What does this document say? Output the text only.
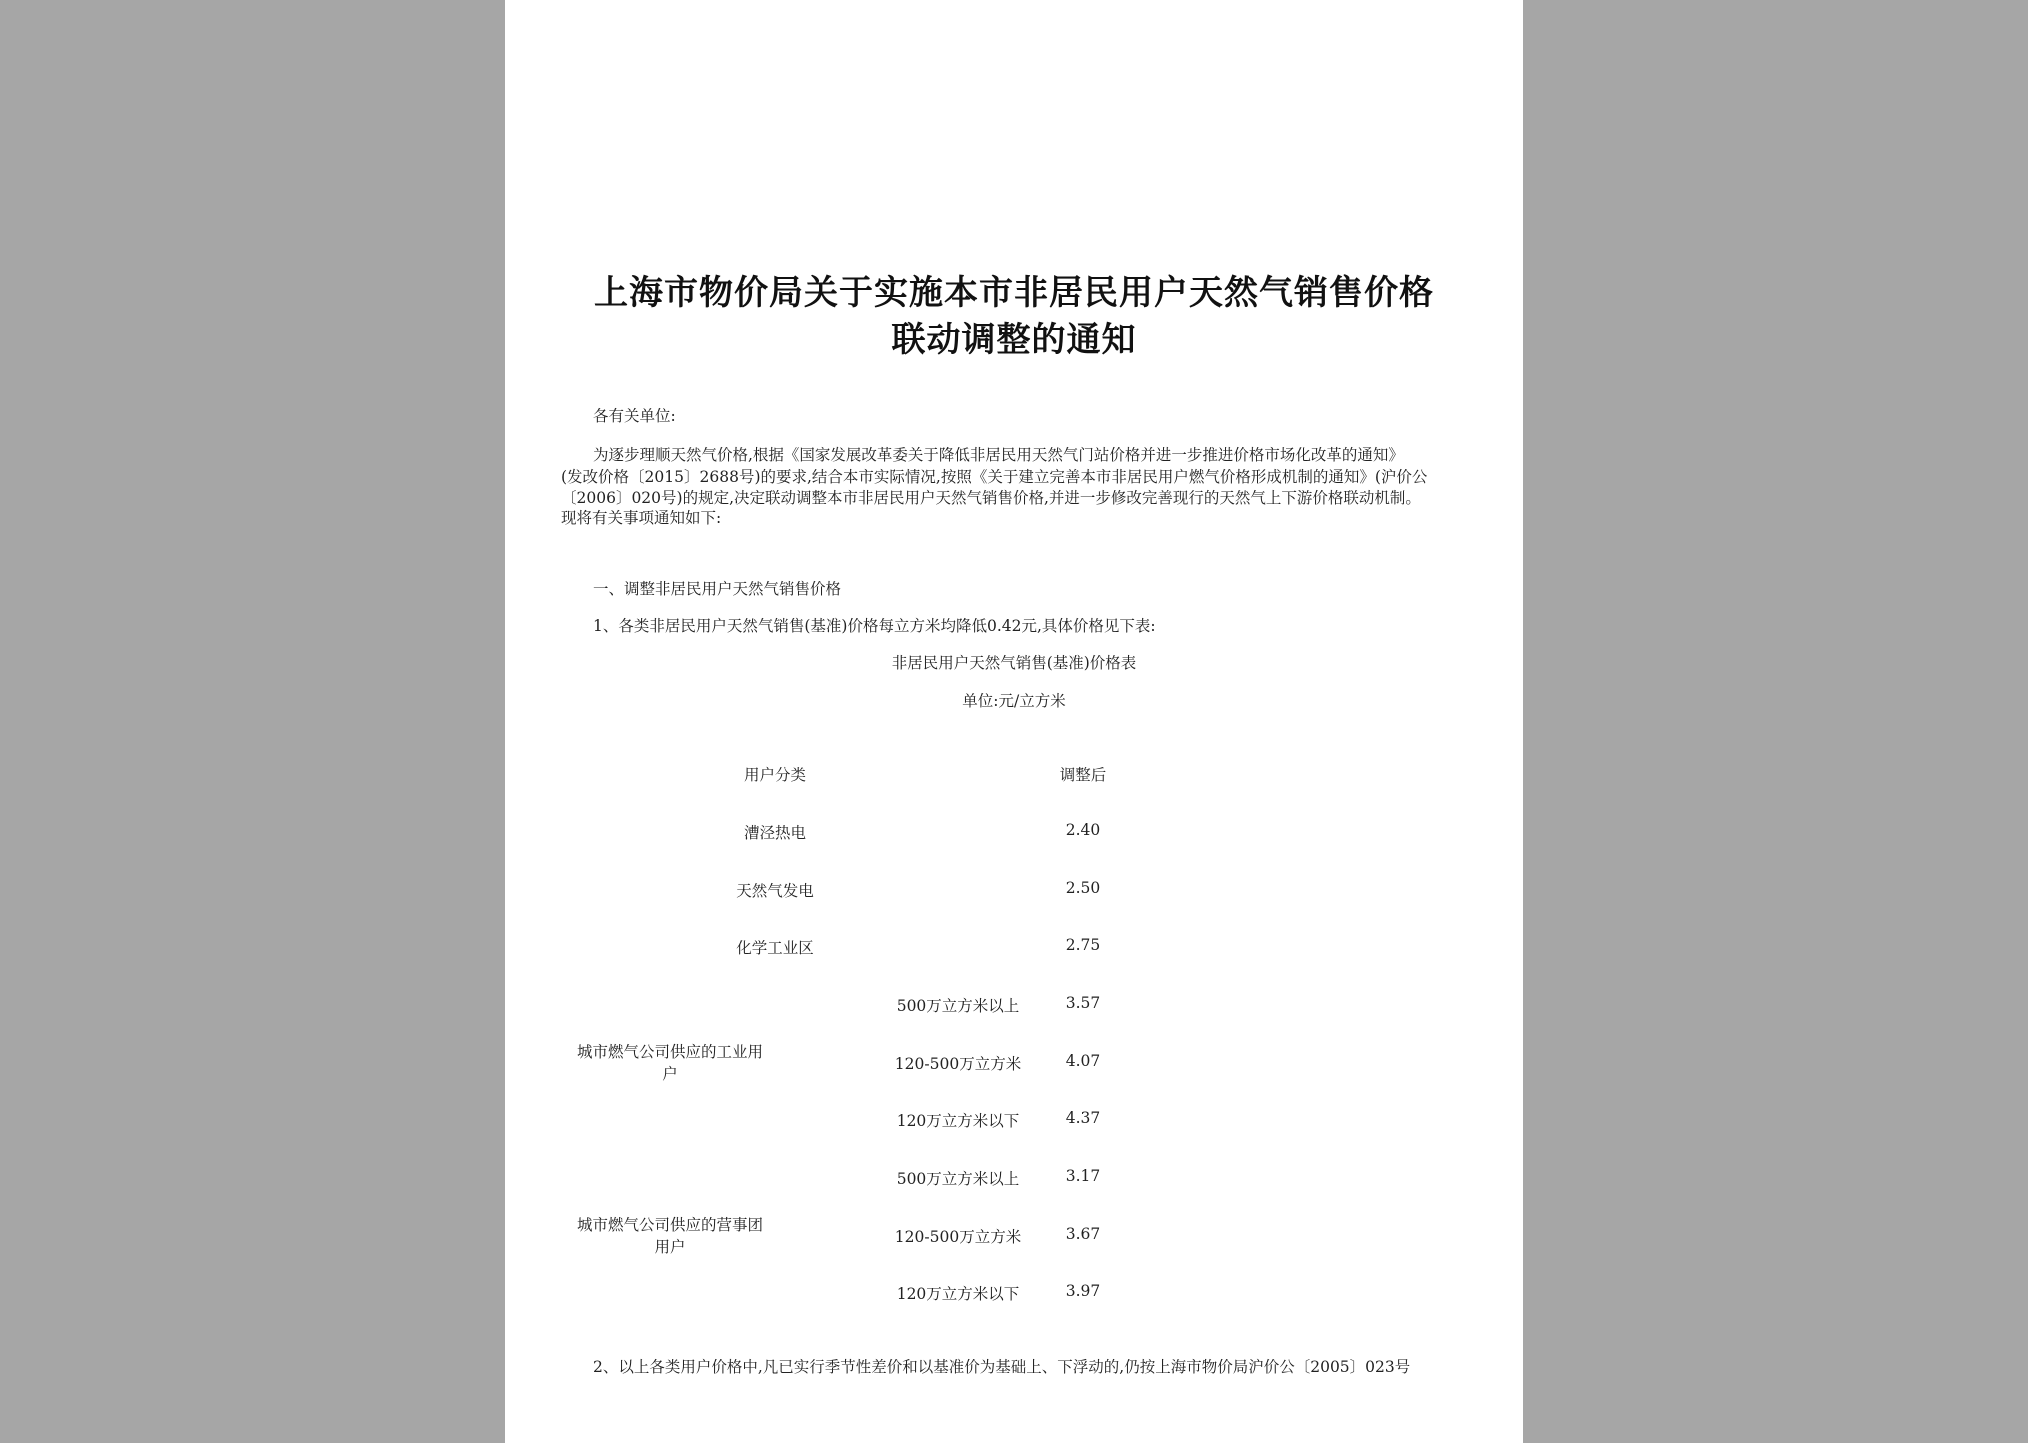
上海市物价局关于实施本市非居民用户天然气销售价格
联动调整的通知
各有关单位:
为逐步理顺天然气价格,根据《国家发展改革委关于降低非居民用天然气门站价格并进一步推进价格市场化改革的通知》
(发改价格〔2015〕2688号)的要求,结合本市实际情况,按照《关于建立完善本市非居民用户燃气价格形成机制的通知》(沪价公
〔2006〕020号)的规定,决定联动调整本市非居民用户天然气销售价格,并进一步修改完善现行的天然气上下游价格联动机制。
现将有关事项通知如下:
一、调整非居民用户天然气销售价格
1、各类非居民用户天然气销售(基准)价格每立方米均降低0.42元,具体价格见下表:
非居民用户天然气销售(基准)价格表
单位:元/立方米
用户分类	调整后
漕泾热电	2.40
天然气发电	2.50
化学工业区	2.75
城市燃气公司供应的工业用户
500万立方米以上	3.57
120-500万立方米	4.07
120万立方米以下	4.37
城市燃气公司供应的营事团用户
500万立方米以上	3.17
120-500万立方米	3.67
120万立方米以下	3.97
2、以上各类用户价格中,凡已实行季节性差价和以基准价为基础上、下浮动的,仍按上海市物价局沪价公〔2005〕023号
